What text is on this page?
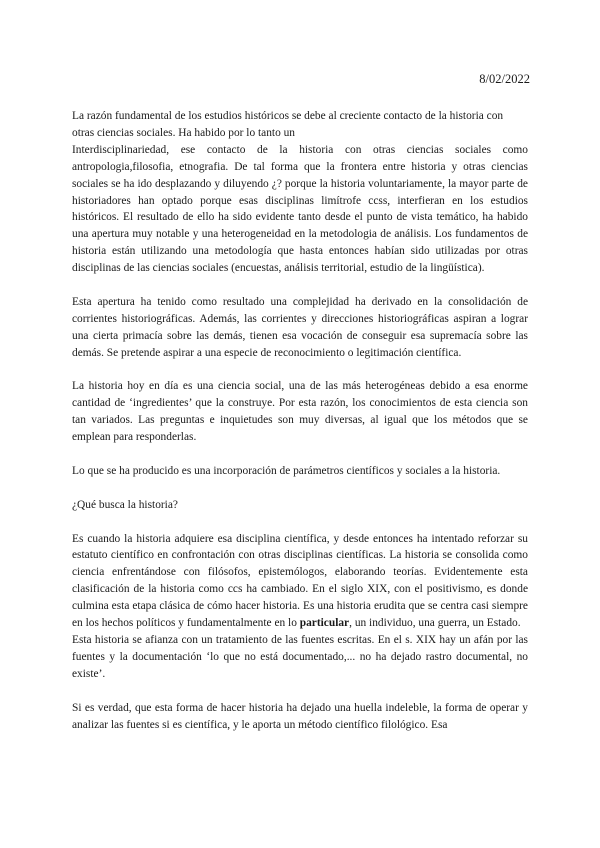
8/02/2022

La razón fundamental de los estudios históricos se debe al creciente contacto de la historia con otras ciencias sociales. Ha habido por lo tanto un

Interdisciplinariedad, ese contacto de la historia con otras ciencias sociales como antropologia,filosofia, etnografia. De tal forma que la frontera entre historia y otras ciencias sociales se ha ido desplazando y diluyendo ¿? porque la historia voluntariamente, la mayor parte de historiadores han optado porque esas disciplinas limítrofe ccss, interfieran en los estudios históricos. El resultado de ello ha sido evidente tanto desde el punto de vista temático, ha habido una apertura muy notable y una heterogeneidad en la metodologia de análisis. Los fundamentos de historia están utilizando una metodología que hasta entonces habían sido utilizadas por otras disciplinas de las ciencias sociales (encuestas, análisis territorial, estudio de la lingüística).

Esta apertura ha tenido como resultado una complejidad ha derivado en la consolidación de corrientes historiográficas. Además, las corrientes y direcciones historiográficas aspiran a lograr una cierta primacía sobre las demás, tienen esa vocación de conseguir esa supremacía sobre las demás. Se pretende aspirar a una especie de reconocimiento o legitimación científica.

La historia hoy en día es una ciencia social, una de las más heterogéneas debido a esa enorme cantidad de ‘ingredientes’ que la construye. Por esta razón, los conocimientos de esta ciencia son tan variados. Las preguntas e inquietudes son muy diversas, al igual que los métodos que se emplean para responderlas.

Lo que se ha producido es una incorporación de parámetros científicos y sociales a la historia.

¿Qué busca la historia?

Es cuando la historia adquiere esa disciplina científica, y desde entonces ha intentado reforzar su estatuto científico en confrontación con otras disciplinas científicas. La historia se consolida como ciencia enfrentándose con filósofos, epistemólogos, elaborando teorías. Evidentemente esta clasificación de la historia como ccs ha cambiado. En el siglo XIX, con el positivismo, es donde culmina esta etapa clásica de cómo hacer historia. Es una historia erudita que se centra casi siempre en los hechos políticos y fundamentalmente en lo particular, un individuo, una guerra, un Estado.

Esta historia se afianza con un tratamiento de las fuentes escritas. En el s. XIX hay un afán por las fuentes y la documentación ‘lo que no está documentado,... no ha dejado rastro documental, no existe’.

Si es verdad, que esta forma de hacer historia ha dejado una huella indeleble, la forma de operar y analizar las fuentes si es científica, y le aporta un método científico filológico. Esa
